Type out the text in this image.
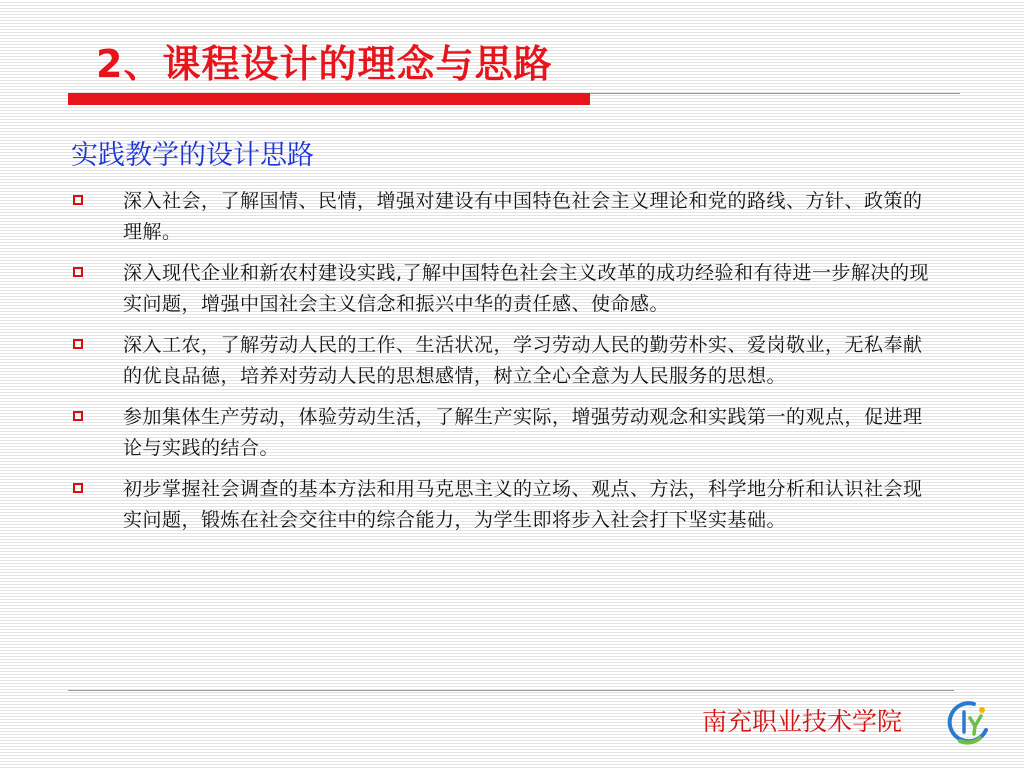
2、课程设计的理念与思路
实践教学的设计思路
深入社会，了解国情、民情，增强对建设有中国特色社会主义理论和党的路线、方针、政策的理解。
深入现代企业和新农村建设实践,了解中国特色社会主义改革的成功经验和有待进一步解决的现实问题，增强中国社会主义信念和振兴中华的责任感、使命感。
深入工农，了解劳动人民的工作、生活状况，学习劳动人民的勤劳朴实、爱岗敬业，无私奉献的优良品德，培养对劳动人民的思想感情，树立全心全意为人民服务的思想。
参加集体生产劳动，体验劳动生活，了解生产实际，增强劳动观念和实践第一的观点，促进理论与实践的结合。
初步掌握社会调查的基本方法和用马克思主义的立场、观点、方法，科学地分析和认识社会现实问题，锻炼在社会交往中的综合能力，为学生即将步入社会打下坚实基础。
南充职业技术学院
